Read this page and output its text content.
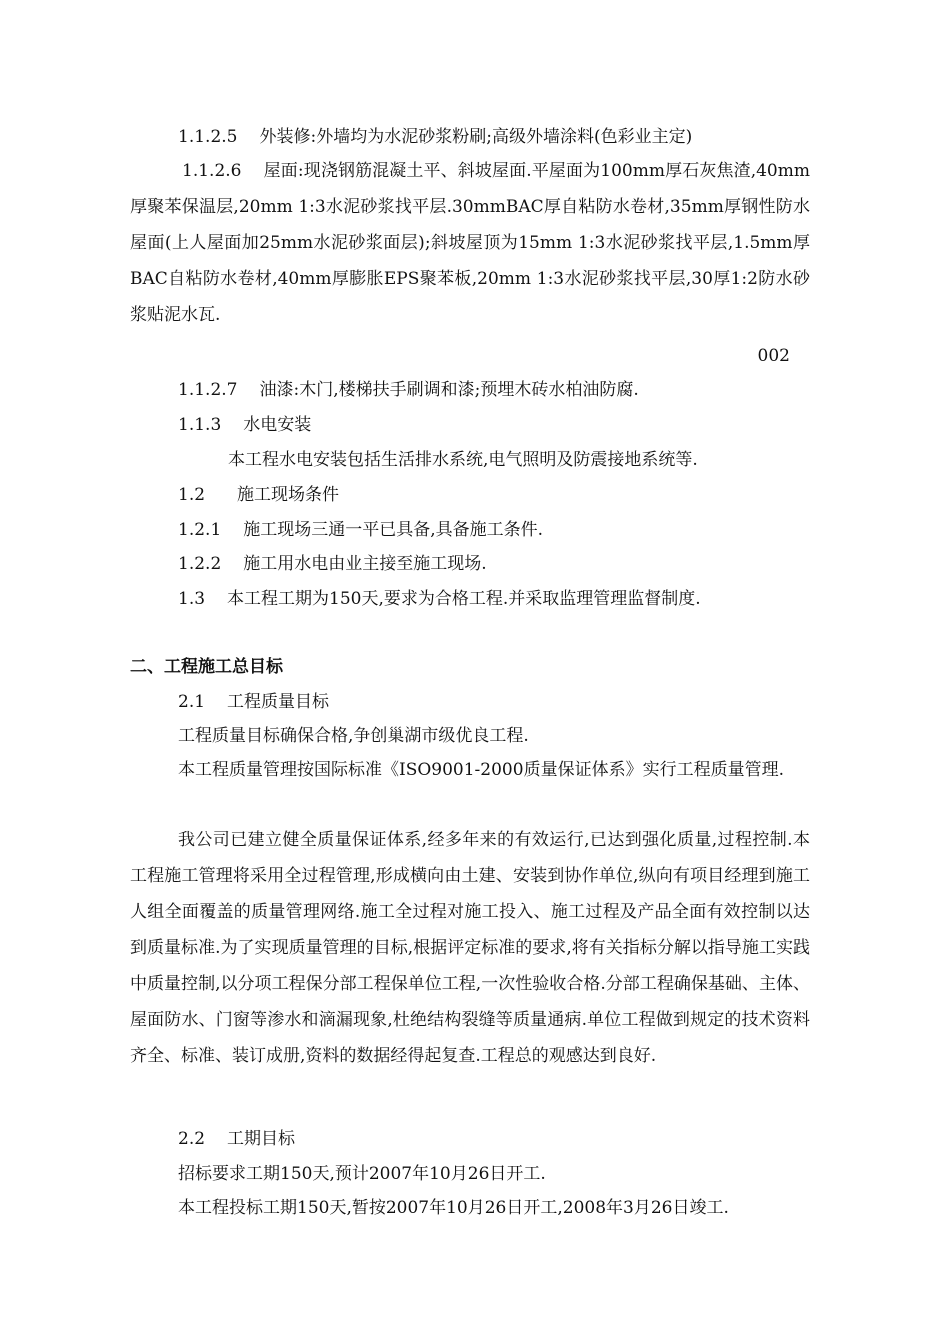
1.1.2.5 外装修:外墙均为水泥砂浆粉刷;高级外墙涂料(色彩业主定)
1.1.2.6 屋面:现浇钢筋混凝土平、斜坡屋面.平屋面为100mm厚石灰焦渣,40mm厚聚苯保温层,20mm 1:3水泥砂浆找平层.30mmBAC厚自粘防水卷材,35mm厚钢性防水屋面(上人屋面加25mm水泥砂浆面层);斜坡屋顶为15mm 1:3水泥砂浆找平层,1.5mm厚BAC自粘防水卷材,40mm厚膨胀EPS聚苯板,20mm 1:3水泥砂浆找平层,30厚1:2防水砂浆贴泥水瓦.
002
1.1.2.7 油漆:木门,楼梯扶手刷调和漆;预埋木砖水柏油防腐.
1.1.3 水电安装
本工程水电安装包括生活排水系统,电气照明及防震接地系统等.
1.2 施工现场条件
1.2.1 施工现场三通一平已具备,具备施工条件.
1.2.2 施工用水电由业主接至施工现场.
1.3 本工程工期为150天,要求为合格工程.并采取监理管理监督制度.
二、工程施工总目标
2.1 工程质量目标
工程质量目标确保合格,争创巢湖市级优良工程.
本工程质量管理按国际标准《ISO9001-2000质量保证体系》实行工程质量管理.
我公司已建立健全质量保证体系,经多年来的有效运行,已达到强化质量,过程控制.本工程施工管理将采用全过程管理,形成横向由土建、安装到协作单位,纵向有项目经理到施工人组全面覆盖的质量管理网络.施工全过程对施工投入、施工过程及产品全面有效控制以达到质量标准.为了实现质量管理的目标,根据评定标准的要求,将有关指标分解以指导施工实践中质量控制,以分项工程保分部工程保单位工程,一次性验收合格.分部工程确保基础、主体、屋面防水、门窗等渗水和滴漏现象,杜绝结构裂缝等质量通病.单位工程做到规定的技术资料齐全、标准、装订成册,资料的数据经得起复查.工程总的观感达到良好.
2.2 工期目标
招标要求工期150天,预计2007年10月26日开工.
本工程投标工期150天,暂按2007年10月26日开工,2008年3月26日竣工.
